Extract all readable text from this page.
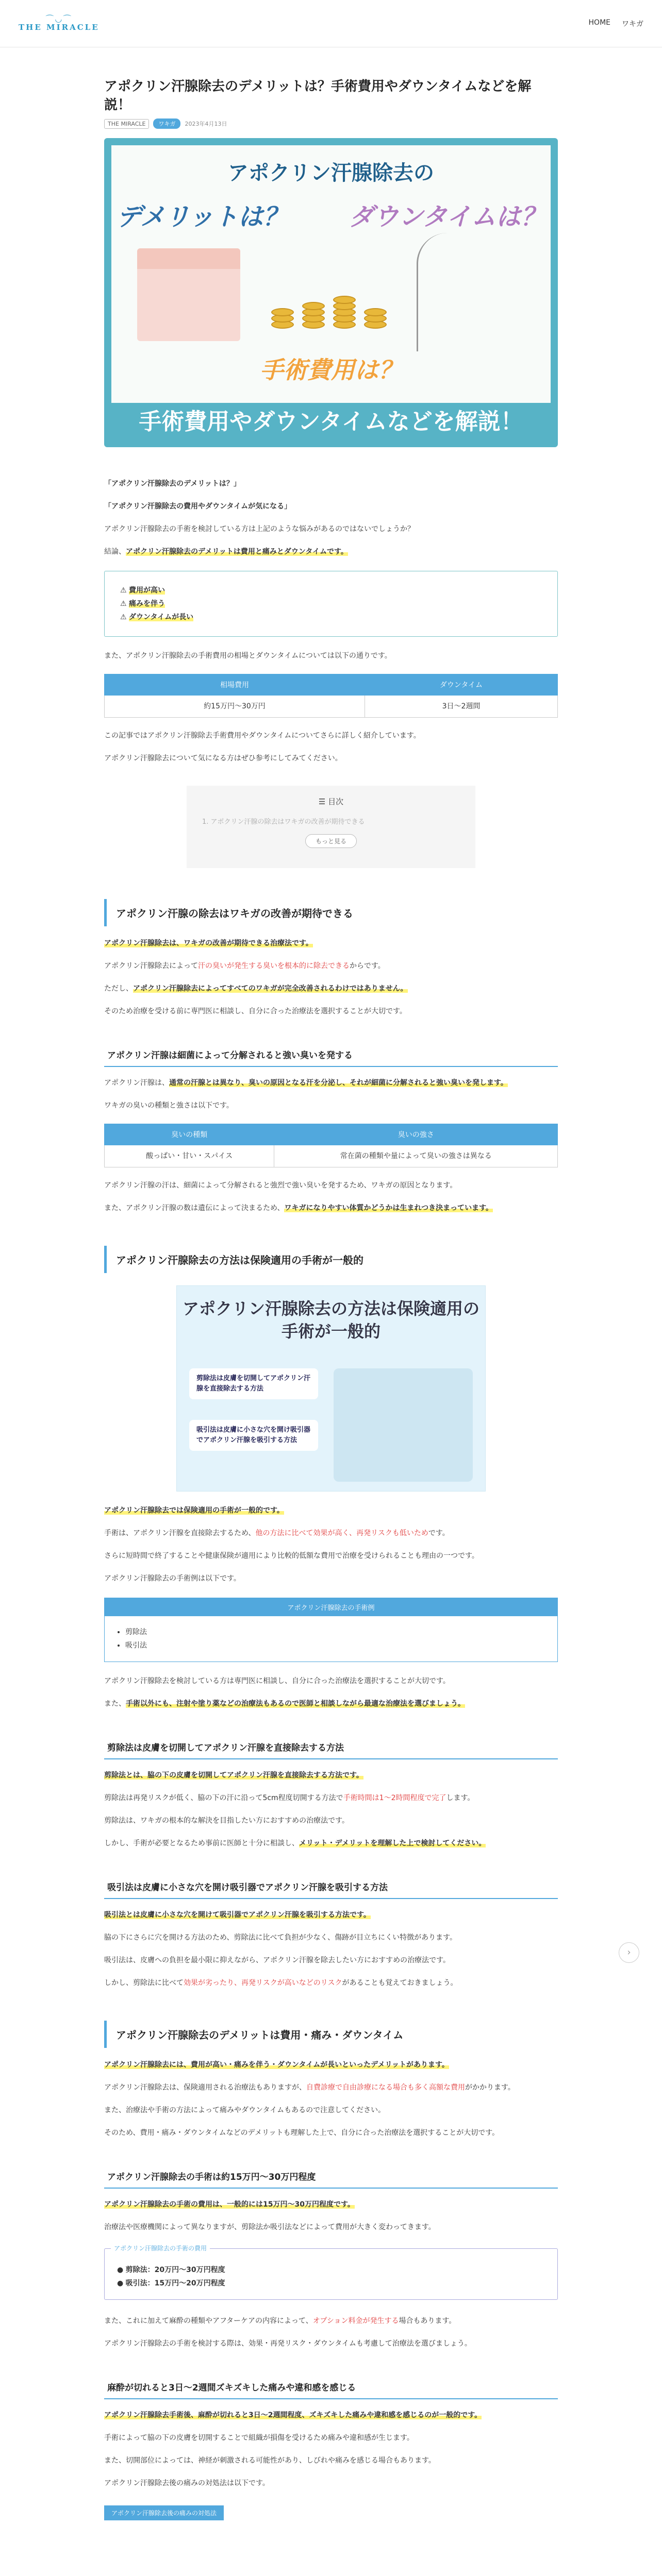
⌒◡⌒
THE MIRACLE	HOME ワキガ
アポクリン汗腺除去のデメリットは？手術費用やダウンタイムなどを解説！
THE MIRACLE	ワキガ	2023年4月13日
アポクリン汗腺除去の
デメリットは？ ダウンタイムは？
手術費用は？
手術費用やダウンタイムなどを解説！

「アポクリン汗腺除去のデメリットは？」

「アポクリン汗腺除去の費用やダウンタイムが気になる」

アポクリン汗腺除去の手術を検討している方は上記のような悩みがあるのではないでしょうか？

結論、アポクリン汗腺除去のデメリットは費用と痛みとダウンタイムです。

⚠ 費用が高い
⚠ 痛みを伴う
⚠ ダウンタイムが長い

また、アポクリン汗腺除去の手術費用の相場とダウンタイムについては以下の通りです。

相場費用	ダウンタイム
約15万円〜30万円	3日〜2週間

この記事ではアポクリン汗腺除去手術費用やダウンタイムについてさらに詳しく紹介しています。

アポクリン汗腺除去について気になる方はぜひ参考にしてみてください。

☰ 目次
1. アポクリン汗腺の除去はワキガの改善が期待できる
もっと見る
アポクリン汗腺の除去はワキガの改善が期待できる

アポクリン汗腺除去は、ワキガの改善が期待できる治療法です。

アポクリン汗腺除去によって汗の臭いが発生する臭いを根本的に除去できるからです。

ただし、アポクリン汗腺除去によってすべてのワキガが完全改善されるわけではありません。

そのため治療を受ける前に専門医に相談し、自分に合った治療法を選択することが大切です。

アポクリン汗腺は細菌によって分解されると強い臭いを発する

アポクリン汗腺は、通常の汗腺とは異なり、臭いの原因となる汗を分泌し、それが細菌に分解されると強い臭いを発します。

ワキガの臭いの種類と強さは以下です。

臭いの種類	臭いの強さ
酸っぱい・甘い・スパイス	常在菌の種類や量によって臭いの強さは異なる

アポクリン汗腺の汗は、細菌によって分解されると強烈で強い臭いを発するため、ワキガの原因となります。

また、アポクリン汗腺の数は遺伝によって決まるため、ワキガになりやすい体質かどうかは生まれつき決まっています。

アポクリン汗腺除去の方法は保険適用の手術が一般的
アポクリン汗腺除去の方法は保険適用の手術が一般的
剪除法は皮膚を切開してアポクリン汗腺を直接除去する方法
吸引法は皮膚に小さな穴を開け吸引器でアポクリン汗腺を吸引する方法

アポクリン汗腺除去では保険適用の手術が一般的です。

手術は、アポクリン汗腺を直接除去するため、他の方法に比べて効果が高く、再発リスクも低いためです。

さらに短時間で終了することや健康保険が適用により比較的低額な費用で治療を受けられることも理由の一つです。

アポクリン汗腺除去の手術例は以下です。

アポクリン汗腺除去の手術例
• 剪除法
• 吸引法

アポクリン汗腺除去を検討している方は専門医に相談し、自分に合った治療法を選択することが大切です。

また、手術以外にも、注射や塗り薬などの治療法もあるので医師と相談しながら最適な治療法を選びましょう。

剪除法は皮膚を切開してアポクリン汗腺を直接除去する方法

剪除法とは、脇の下の皮膚を切開してアポクリン汗腺を直接除去する方法です。

剪除法は再発リスクが低く、脇の下の汗に沿って5cm程度切開する方法で手術時間は1〜2時間程度で完了します。

剪除法は、ワキガの根本的な解決を目指したい方におすすめの治療法です。

しかし、手術が必要となるため事前に医師と十分に相談し、メリット・デメリットを理解した上で検討してください。

吸引法は皮膚に小さな穴を開け吸引器でアポクリン汗腺を吸引する方法

吸引法とは皮膚に小さな穴を開けて吸引器でアポクリン汗腺を吸引する方法です。

脇の下にさらに穴を開ける方法のため、剪除法に比べて負担が少なく、傷跡が目立ちにくい特徴があります。

吸引法は、皮膚への負担を最小限に抑えながら、アポクリン汗腺を除去したい方におすすめの治療法です。

しかし、剪除法に比べて効果が劣ったり、再発リスクが高いなどのリスクがあることも覚えておきましょう。

アポクリン汗腺除去のデメリットは費用・痛み・ダウンタイム

アポクリン汗腺除去には、費用が高い・痛みを伴う・ダウンタイムが長いといったデメリットがあります。

アポクリン汗腺除去は、保険適用される治療法もありますが、自費診療で自由診療になる場合も多く高額な費用がかかります。

また、治療法や手術の方法によって痛みやダウンタイムもあるので注意してください。

そのため、費用・痛み・ダウンタイムなどのデメリットも理解した上で、自分に合った治療法を選択することが大切です。

アポクリン汗腺除去の手術は約15万円〜30万円程度

アポクリン汗腺除去の手術の費用は、一般的には15万円〜30万円程度です。

治療法や医療機関によって異なりますが、剪除法か吸引法などによって費用が大きく変わってきます。

アポクリン汗腺除去の手術の費用
● 剪除法：20万円〜30万円程度
● 吸引法：15万円〜20万円程度

また、これに加えて麻酔の種類やアフターケアの内容によって、オプション料金が発生する場合もあります。

アポクリン汗腺除去の手術を検討する際は、効果・再発リスク・ダウンタイムも考慮して治療法を選びましょう。

麻酔が切れると3日〜2週間ズキズキした痛みや違和感を感じる

アポクリン汗腺除去手術後、麻酔が切れると3日〜2週間程度、ズキズキした痛みや違和感を感じるのが一般的です。

手術によって脇の下の皮膚を切開することで組織が損傷を受けるため痛みや違和感が生じます。

また、切開部位によっては、神経が刺激される可能性があり、しびれや痛みを感じる場合もあります。

アポクリン汗腺除去後の痛みの対処法は以下です。

アポクリン汗腺除去後の痛みの対処法
›
